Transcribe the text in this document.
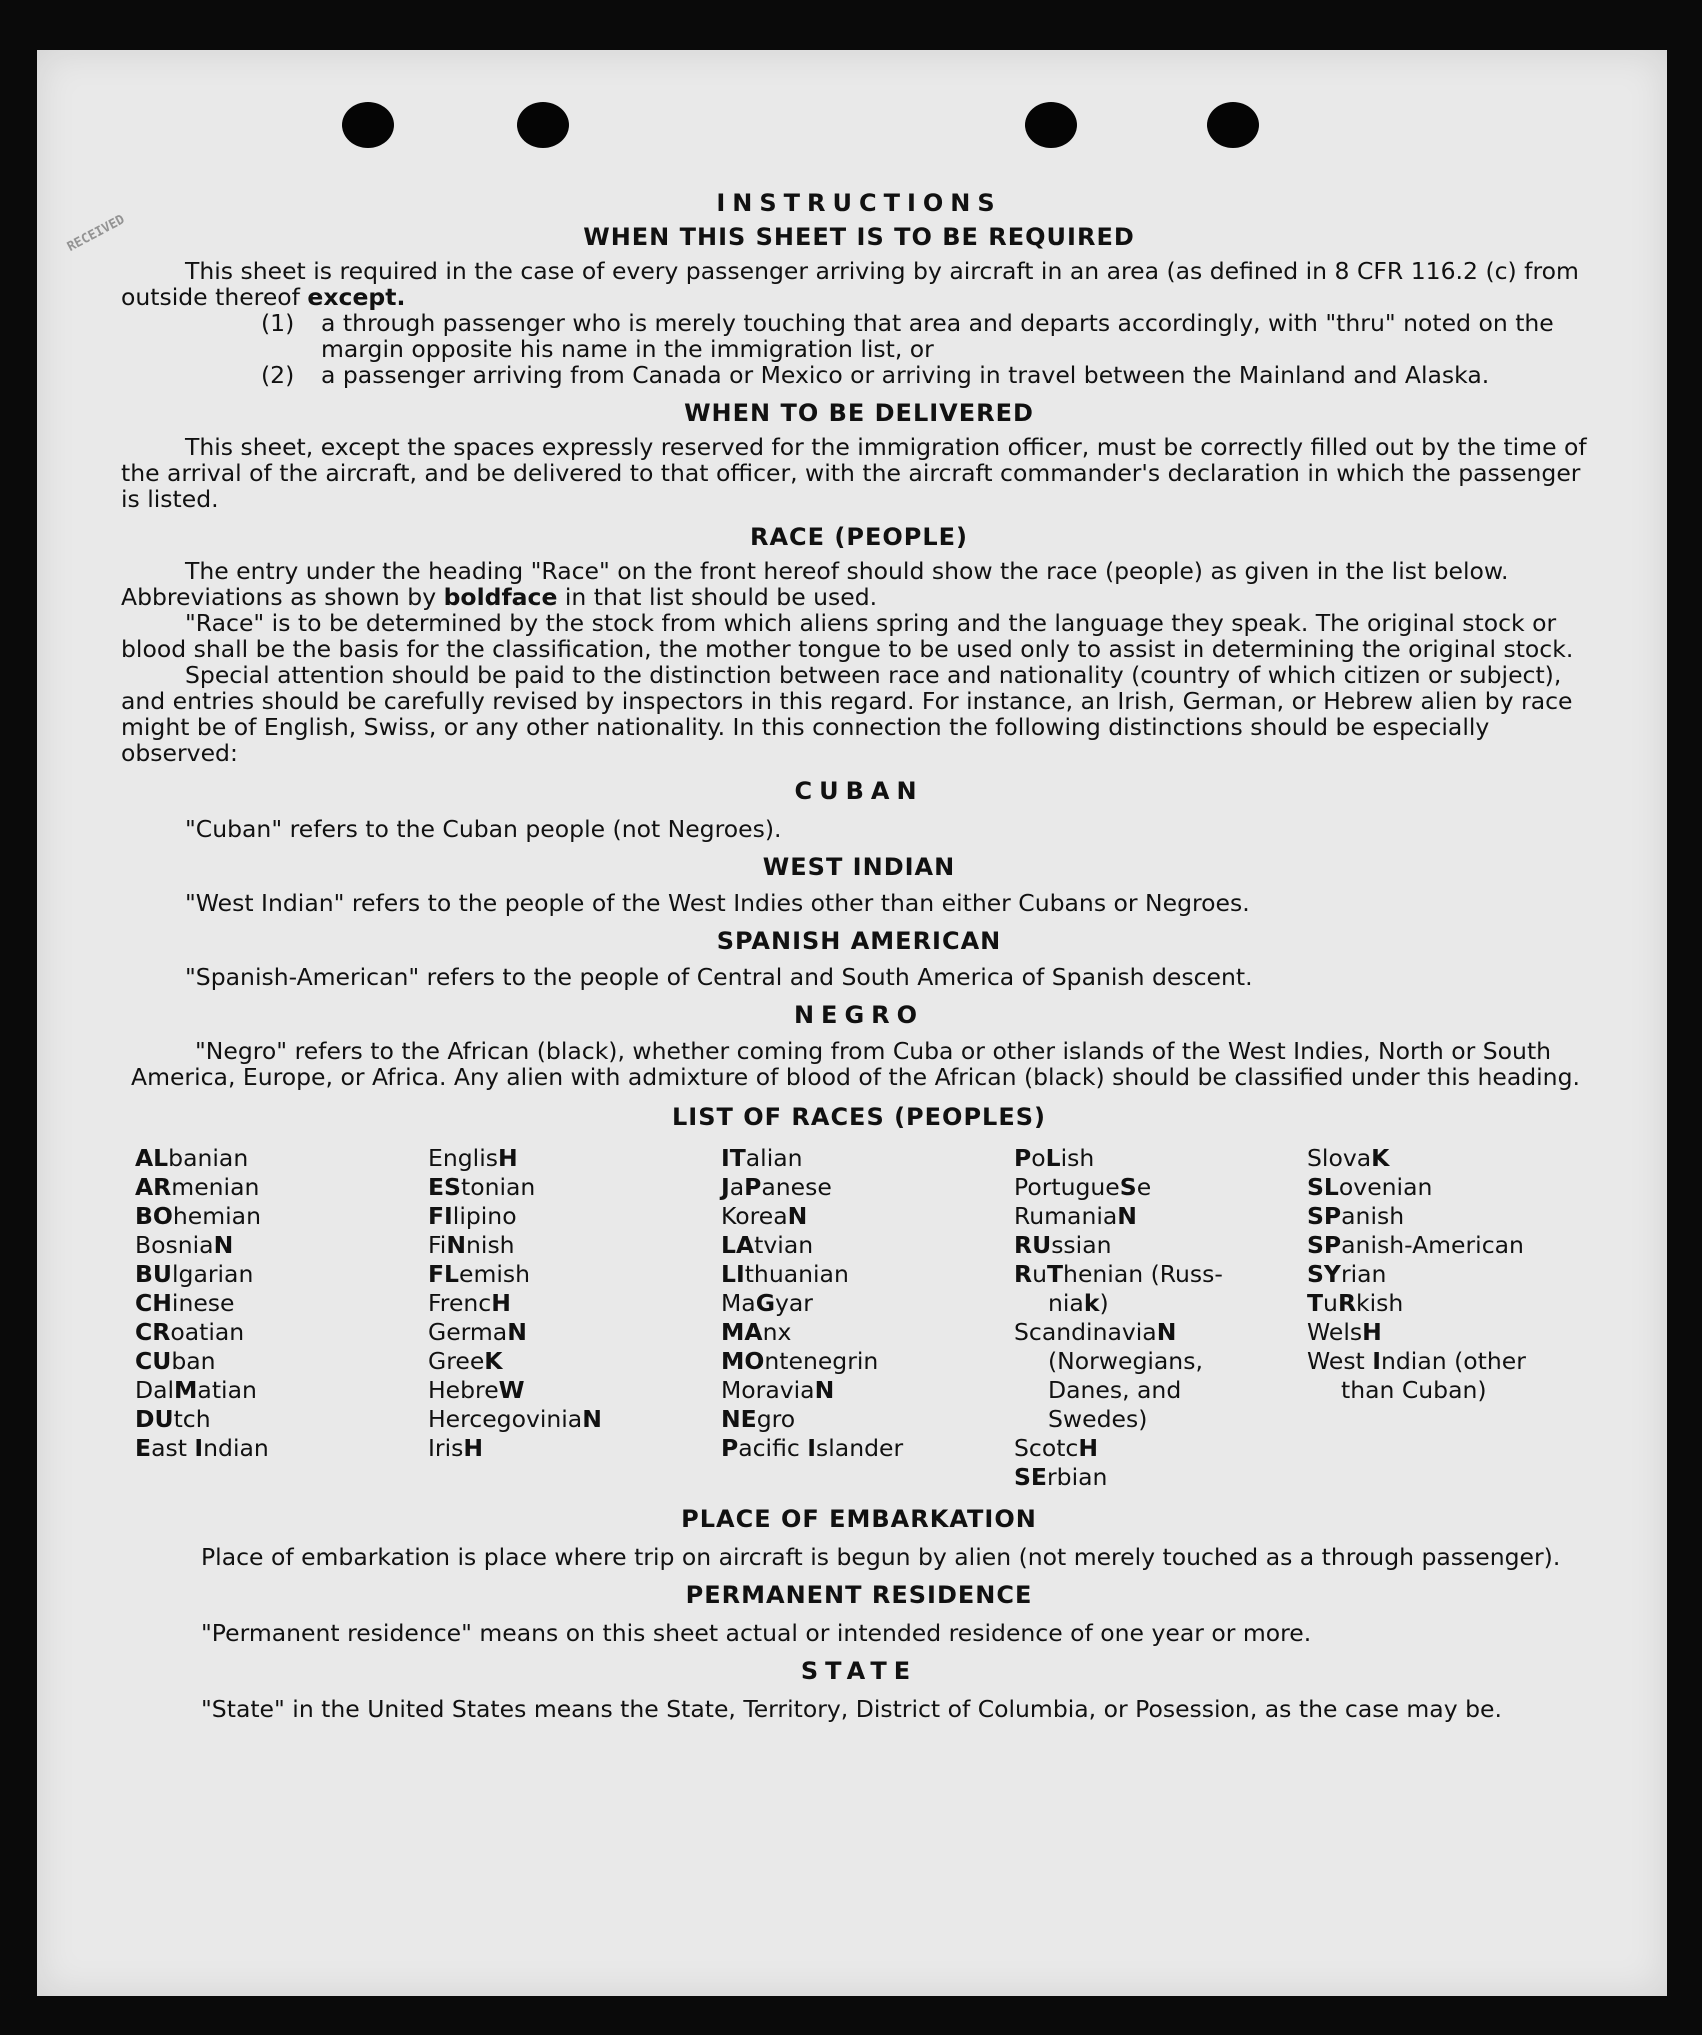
RECEIVED
INSTRUCTIONS
WHEN THIS SHEET IS TO BE REQUIRED

This sheet is required in the case of every passenger arriving by aircraft in an area (as defined in 8 CFR 116.2 (c) from outside thereof except.

(1) a through passenger who is merely touching that area and departs accordingly, with "thru" noted on the margin opposite his name in the immigration list, or

(2) a passenger arriving from Canada or Mexico or arriving in travel between the Mainland and Alaska.

WHEN TO BE DELIVERED

This sheet, except the spaces expressly reserved for the immigration officer, must be correctly filled out by the time of the arrival of the aircraft, and be delivered to that officer, with the aircraft commander's declaration in which the passenger is listed.

RACE (PEOPLE)

The entry under the heading "Race" on the front hereof should show the race (people) as given in the list below. Abbreviations as shown by boldface in that list should be used.

"Race" is to be determined by the stock from which aliens spring and the language they speak. The original stock or blood shall be the basis for the classification, the mother tongue to be used only to assist in determining the original stock.

Special attention should be paid to the distinction between race and nationality (country of which citizen or subject), and entries should be carefully revised by inspectors in this regard. For instance, an Irish, German, or Hebrew alien by race might be of English, Swiss, or any other nationality. In this connection the following distinctions should be especially observed:

CUBAN

"Cuban" refers to the Cuban people (not Negroes).

WEST INDIAN

"West Indian" refers to the people of the West Indies other than either Cubans or Negroes.

SPANISH AMERICAN

"Spanish-American" refers to the people of Central and South America of Spanish descent.

NEGRO

"Negro" refers to the African (black), whether coming from Cuba or other islands of the West Indies, North or South America, Europe, or Africa. Any alien with admixture of blood of the African (black) should be classified under this heading.

LIST OF RACES (PEOPLES)
ALbanian
ARmenian
BOhemian
BosniaN
BUlgarian
CHinese
CRoatian
CUban
DalMatian
DUtch
East Indian
EnglisH
EStonian
FIlipino
FiNnish
FLemish
FrencH
GermaN
GreeK
HebreW
HercegoviniaN
IrisH
ITalian
JaPanese
KoreaN
LAtvian
LIthuanian
MaGyar
MAnx
MOntenegrin
MoraviaN
NEgro
Pacific Islander
PoLish
PortugueSe
RumaniaN
RUssian
RuThenian (Russ-
niak)
ScandinaviaN
(Norwegians,
Danes, and
Swedes)
ScotcH
SErbian
SlovaK
SLovenian
SPanish
SPanish-American
SYrian
TuRkish
WelsH
West Indian (other
than Cuban)
PLACE OF EMBARKATION

Place of embarkation is place where trip on aircraft is begun by alien (not merely touched as a through passenger).

PERMANENT RESIDENCE

"Permanent residence" means on this sheet actual or intended residence of one year or more.

STATE

"State" in the United States means the State, Territory, District of Columbia, or Posession, as the case may be.
